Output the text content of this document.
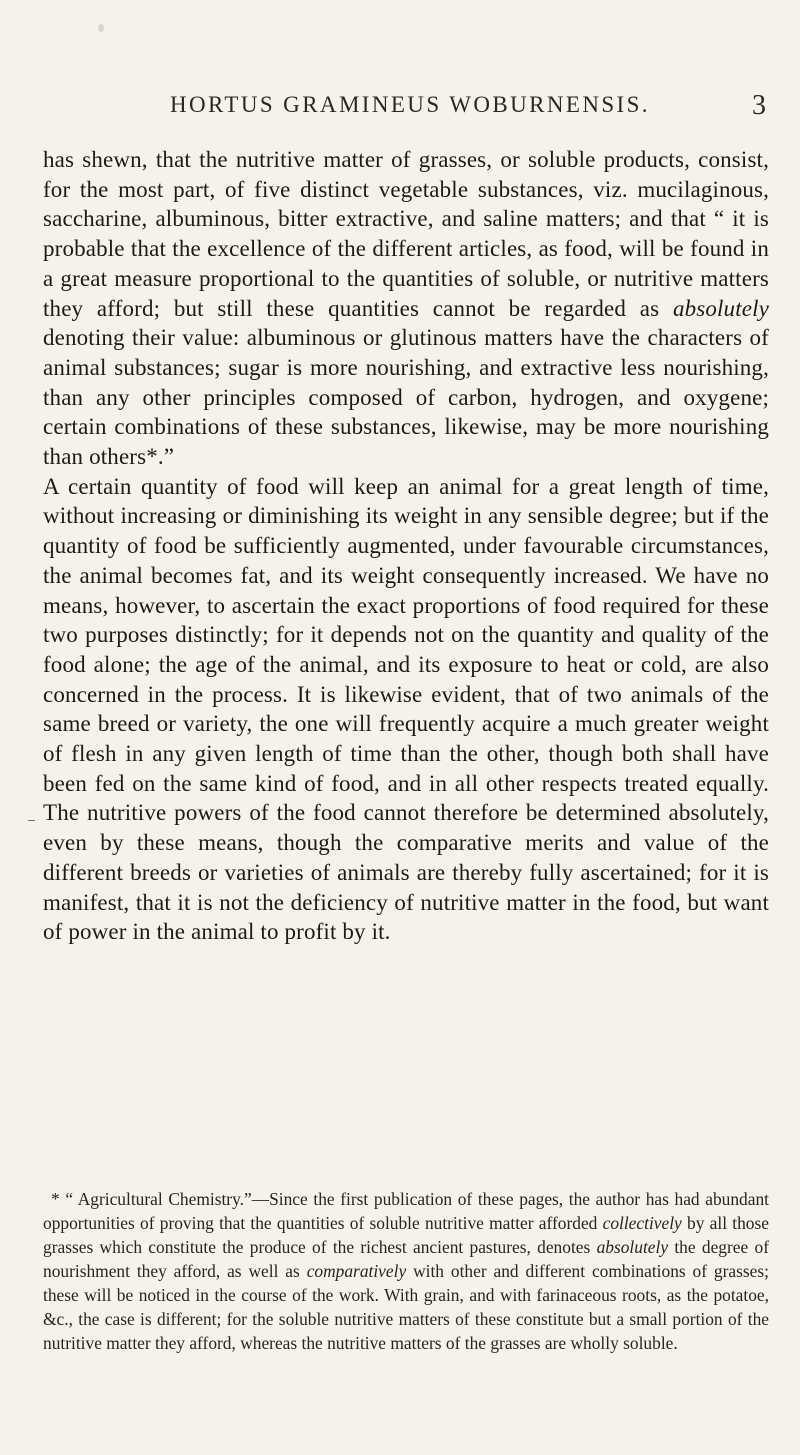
HORTUS GRAMINEUS WOBURNENSIS.	3

has shewn, that the nutritive matter of grasses, or soluble products, consist, for the most part, of five distinct vegetable substances, viz. mucilaginous, saccharine, albuminous, bitter extractive, and saline matters; and that “ it is probable that the excellence of the different articles, as food, will be found in a great measure proportional to the quantities of soluble, or nutritive matters they afford; but still these quantities cannot be regarded as absolutely denoting their value: albuminous or glutinous matters have the characters of animal substances; sugar is more nourishing, and extractive less nourishing, than any other principles composed of carbon, hydrogen, and oxygene; certain combinations of these substances, likewise, may be more nourishing than others*.”

A certain quantity of food will keep an animal for a great length of time, without increasing or diminishing its weight in any sensible degree; but if the quantity of food be sufficiently augmented, under favourable circumstances, the animal becomes fat, and its weight consequently increased. We have no means, however, to ascertain the exact proportions of food required for these two purposes distinctly; for it depends not on the quantity and quality of the food alone; the age of the animal, and its exposure to heat or cold, are also concerned in the process. It is likewise evident, that of two animals of the same breed or variety, the one will frequently acquire a much greater weight of flesh in any given length of time than the other, though both shall have been fed on the same kind of food, and in all other respects treated equally. The nutritive powers of the food cannot therefore be determined absolutely, even by these means, though the comparative merits and value of the different breeds or varieties of animals are thereby fully ascertained; for it is manifest, that it is not the deficiency of nutritive matter in the food, but want of power in the animal to profit by it.

* “ Agricultural Chemistry.”—Since the first publication of these pages, the author has had abundant opportunities of proving that the quantities of soluble nutritive matter afforded collectively by all those grasses which constitute the produce of the richest ancient pastures, denotes absolutely the degree of nourishment they afford, as well as comparatively with other and different combinations of grasses; these will be noticed in the course of the work. With grain, and with farinaceous roots, as the potatoe, &c., the case is different; for the soluble nutritive matters of these constitute but a small portion of the nutritive matter they afford, whereas the nutritive matters of the grasses are wholly soluble.
